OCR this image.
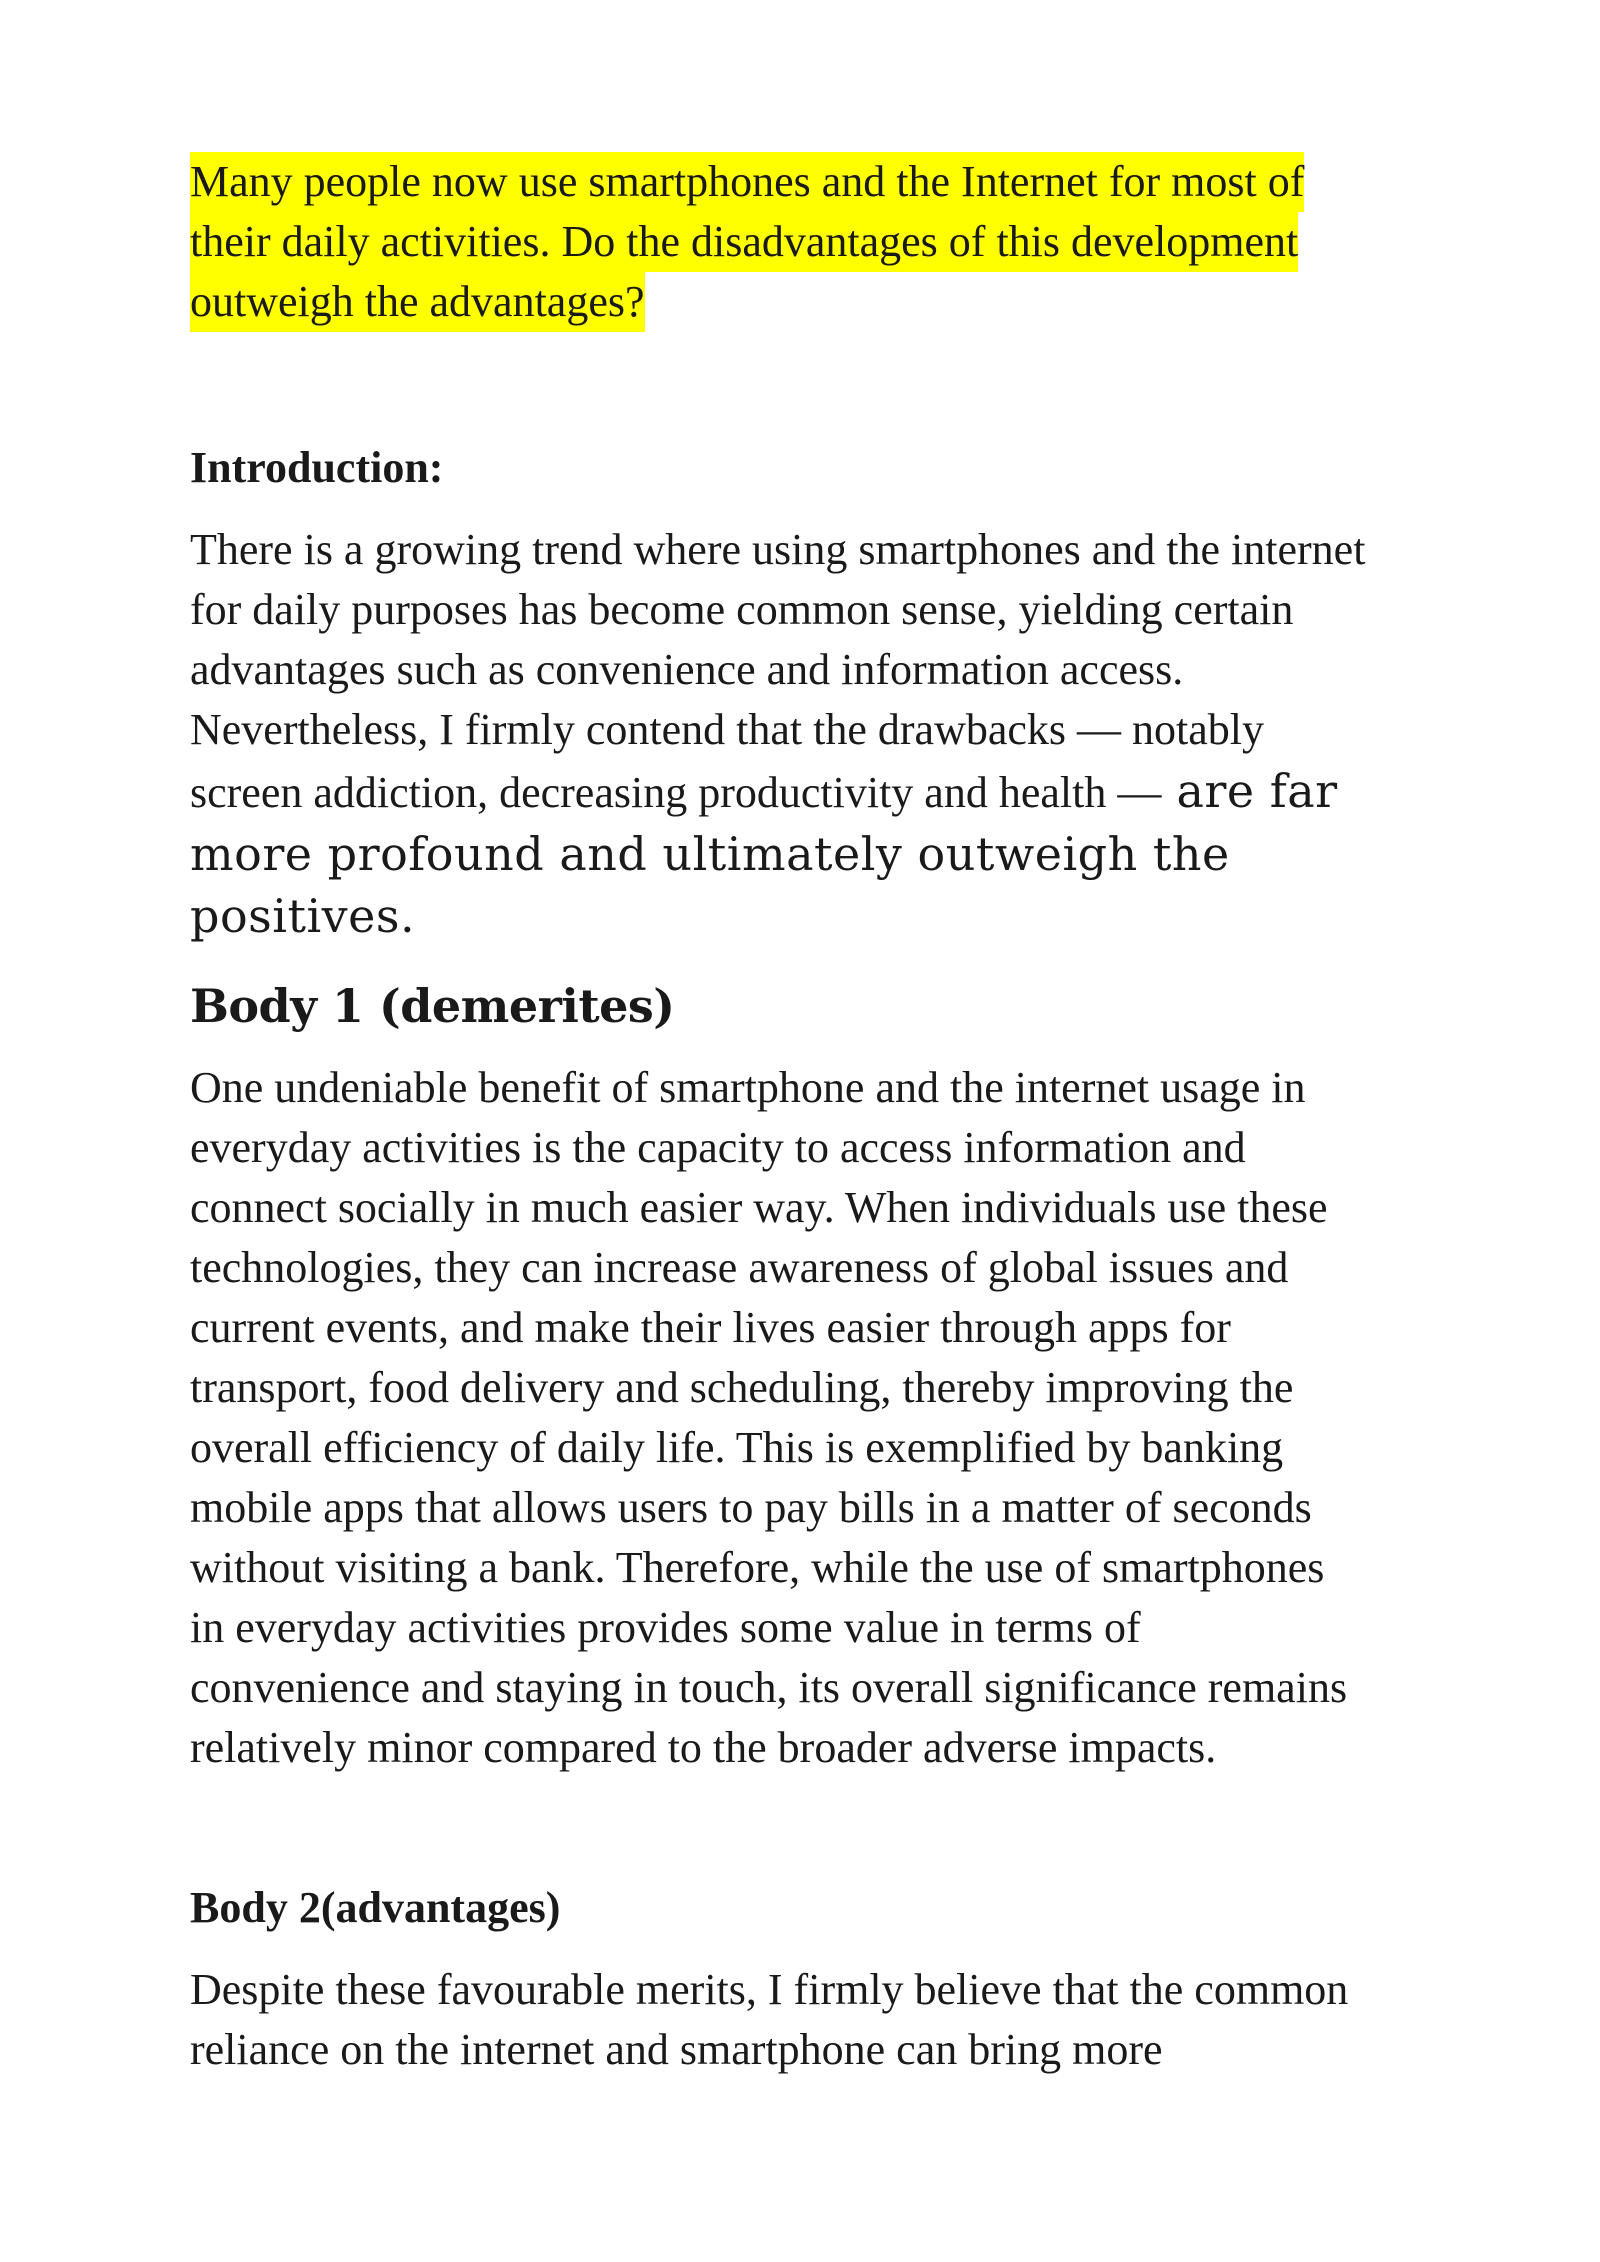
Many people now use smartphones and the Internet for most of
their daily activities. Do the disadvantages of this development
outweigh the advantages?

Introduction:

There is a growing trend where using smartphones and the internet
for daily purposes has become common sense, yielding certain
advantages such as convenience and information access.
Nevertheless, I firmly contend that the drawbacks — notably
screen addiction, decreasing productivity and health — are far
more profound and ultimately outweigh the
positives.

Body 1 (demerites)

One undeniable benefit of smartphone and the internet usage in
everyday activities is the capacity to access information and
connect socially in much easier way. When individuals use these
technologies, they can increase awareness of global issues and
current events, and make their lives easier through apps for
transport, food delivery and scheduling, thereby improving the
overall efficiency of daily life. This is exemplified by banking
mobile apps that allows users to pay bills in a matter of seconds
without visiting a bank. Therefore, while the use of smartphones
in everyday activities provides some value in terms of
convenience and staying in touch, its overall significance remains
relatively minor compared to the broader adverse impacts.

Body 2(advantages)

Despite these favourable merits, I firmly believe that the common
reliance on the internet and smartphone can bring more
